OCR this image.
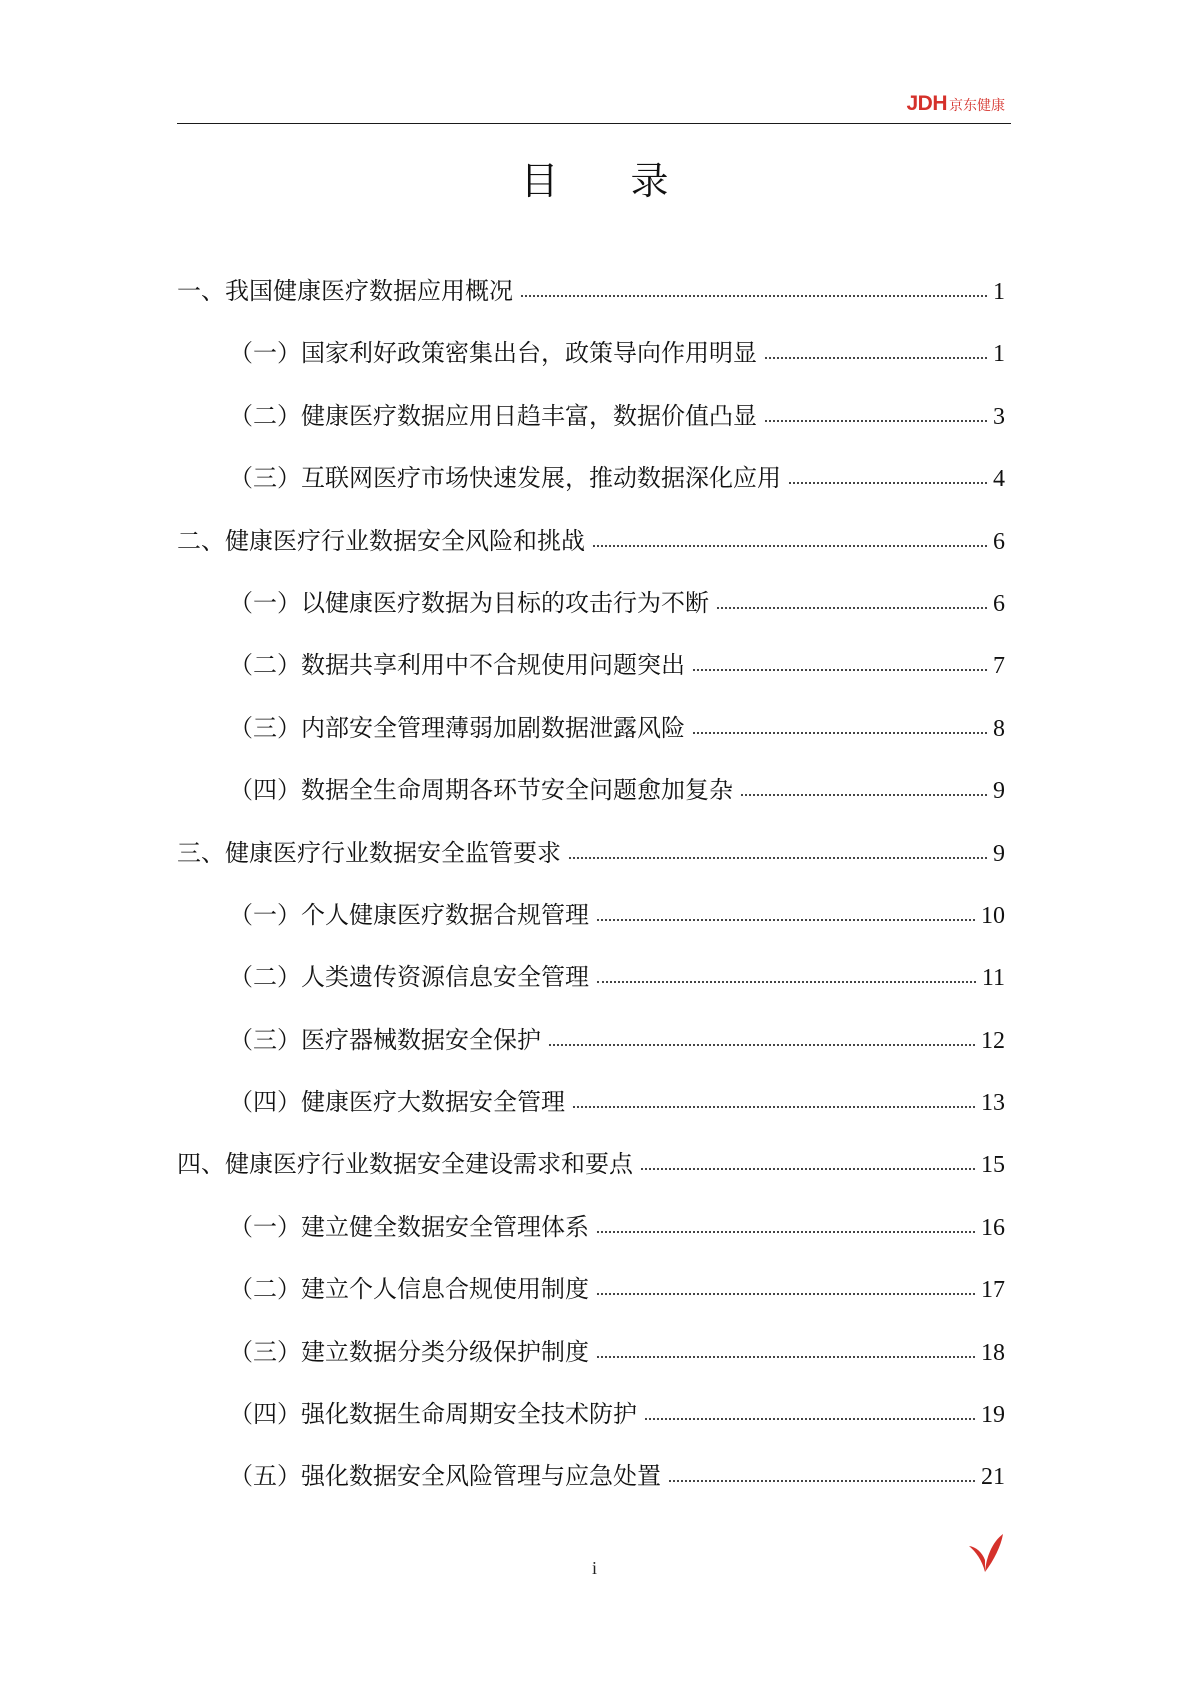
JDH 京东健康
目 录
一、我国健康医疗数据应用概况	1
（一）国家利好政策密集出台，政策导向作用明显	1
（二）健康医疗数据应用日趋丰富，数据价值凸显	3
（三）互联网医疗市场快速发展，推动数据深化应用	4
二、健康医疗行业数据安全风险和挑战	6
（一）以健康医疗数据为目标的攻击行为不断	6
（二）数据共享利用中不合规使用问题突出	7
（三）内部安全管理薄弱加剧数据泄露风险	8
（四）数据全生命周期各环节安全问题愈加复杂	9
三、健康医疗行业数据安全监管要求	9
（一）个人健康医疗数据合规管理	10
（二）人类遗传资源信息安全管理	11
（三）医疗器械数据安全保护	12
（四）健康医疗大数据安全管理	13
四、健康医疗行业数据安全建设需求和要点	15
（一）建立健全数据安全管理体系	16
（二）建立个人信息合规使用制度	17
（三）建立数据分类分级保护制度	18
（四）强化数据生命周期安全技术防护	19
（五）强化数据安全风险管理与应急处置	21
i
